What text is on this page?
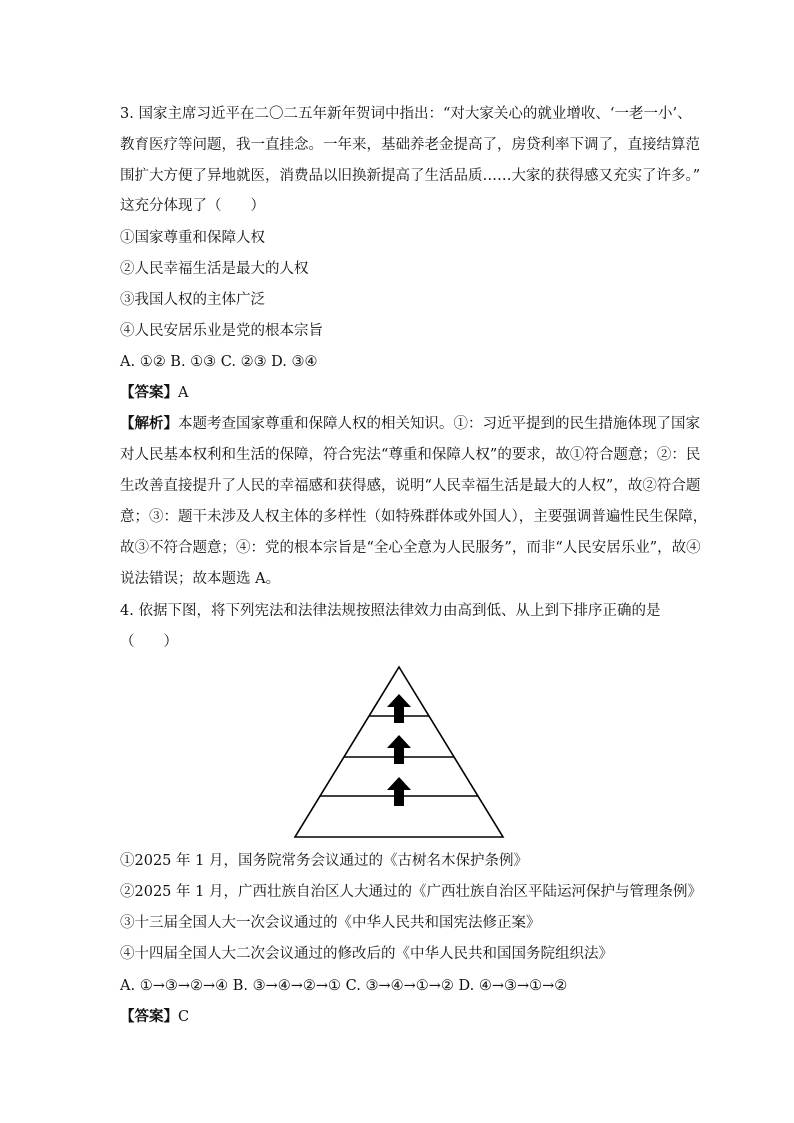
3. 国家主席习近平在二〇二五年新年贺词中指出：“对大家关心的就业增收、‘一老一小’、
教育医疗等问题，我一直挂念。一年来，基础养老金提高了，房贷利率下调了，直接结算范
围扩大方便了异地就医，消费品以旧换新提高了生活品质……大家的获得感又充实了许多。”
这充分体现了（　　）
①国家尊重和保障人权
②人民幸福生活是最大的人权
③我国人权的主体广泛
④人民安居乐业是党的根本宗旨
A. ①② B. ①③ C. ②③ D. ③④
【答案】A
【解析】本题考查国家尊重和保障人权的相关知识。①：习近平提到的民生措施体现了国家
对人民基本权利和生活的保障，符合宪法“尊重和保障人权”的要求，故①符合题意；②：民
生改善直接提升了人民的幸福感和获得感，说明“人民幸福生活是最大的人权”，故②符合题
意；③：题干未涉及人权主体的多样性（如特殊群体或外国人），主要强调普遍性民生保障，
故③不符合题意；④：党的根本宗旨是“全心全意为人民服务”，而非“人民安居乐业”，故④
说法错误；故本题选 A。
4. 依据下图，将下列宪法和法律法规按照法律效力由高到低、从上到下排序正确的是
（　　）
①2025 年 1 月，国务院常务会议通过的《古树名木保护条例》
②2025 年 1 月，广西壮族自治区人大通过的《广西壮族自治区平陆运河保护与管理条例》
③十三届全国人大一次会议通过的《中华人民共和国宪法修正案》
④十四届全国人大二次会议通过的修改后的《中华人民共和国国务院组织法》
A. ①→③→②→④ B. ③→④→②→① C. ③→④→①→② D. ④→③→①→②
【答案】C
